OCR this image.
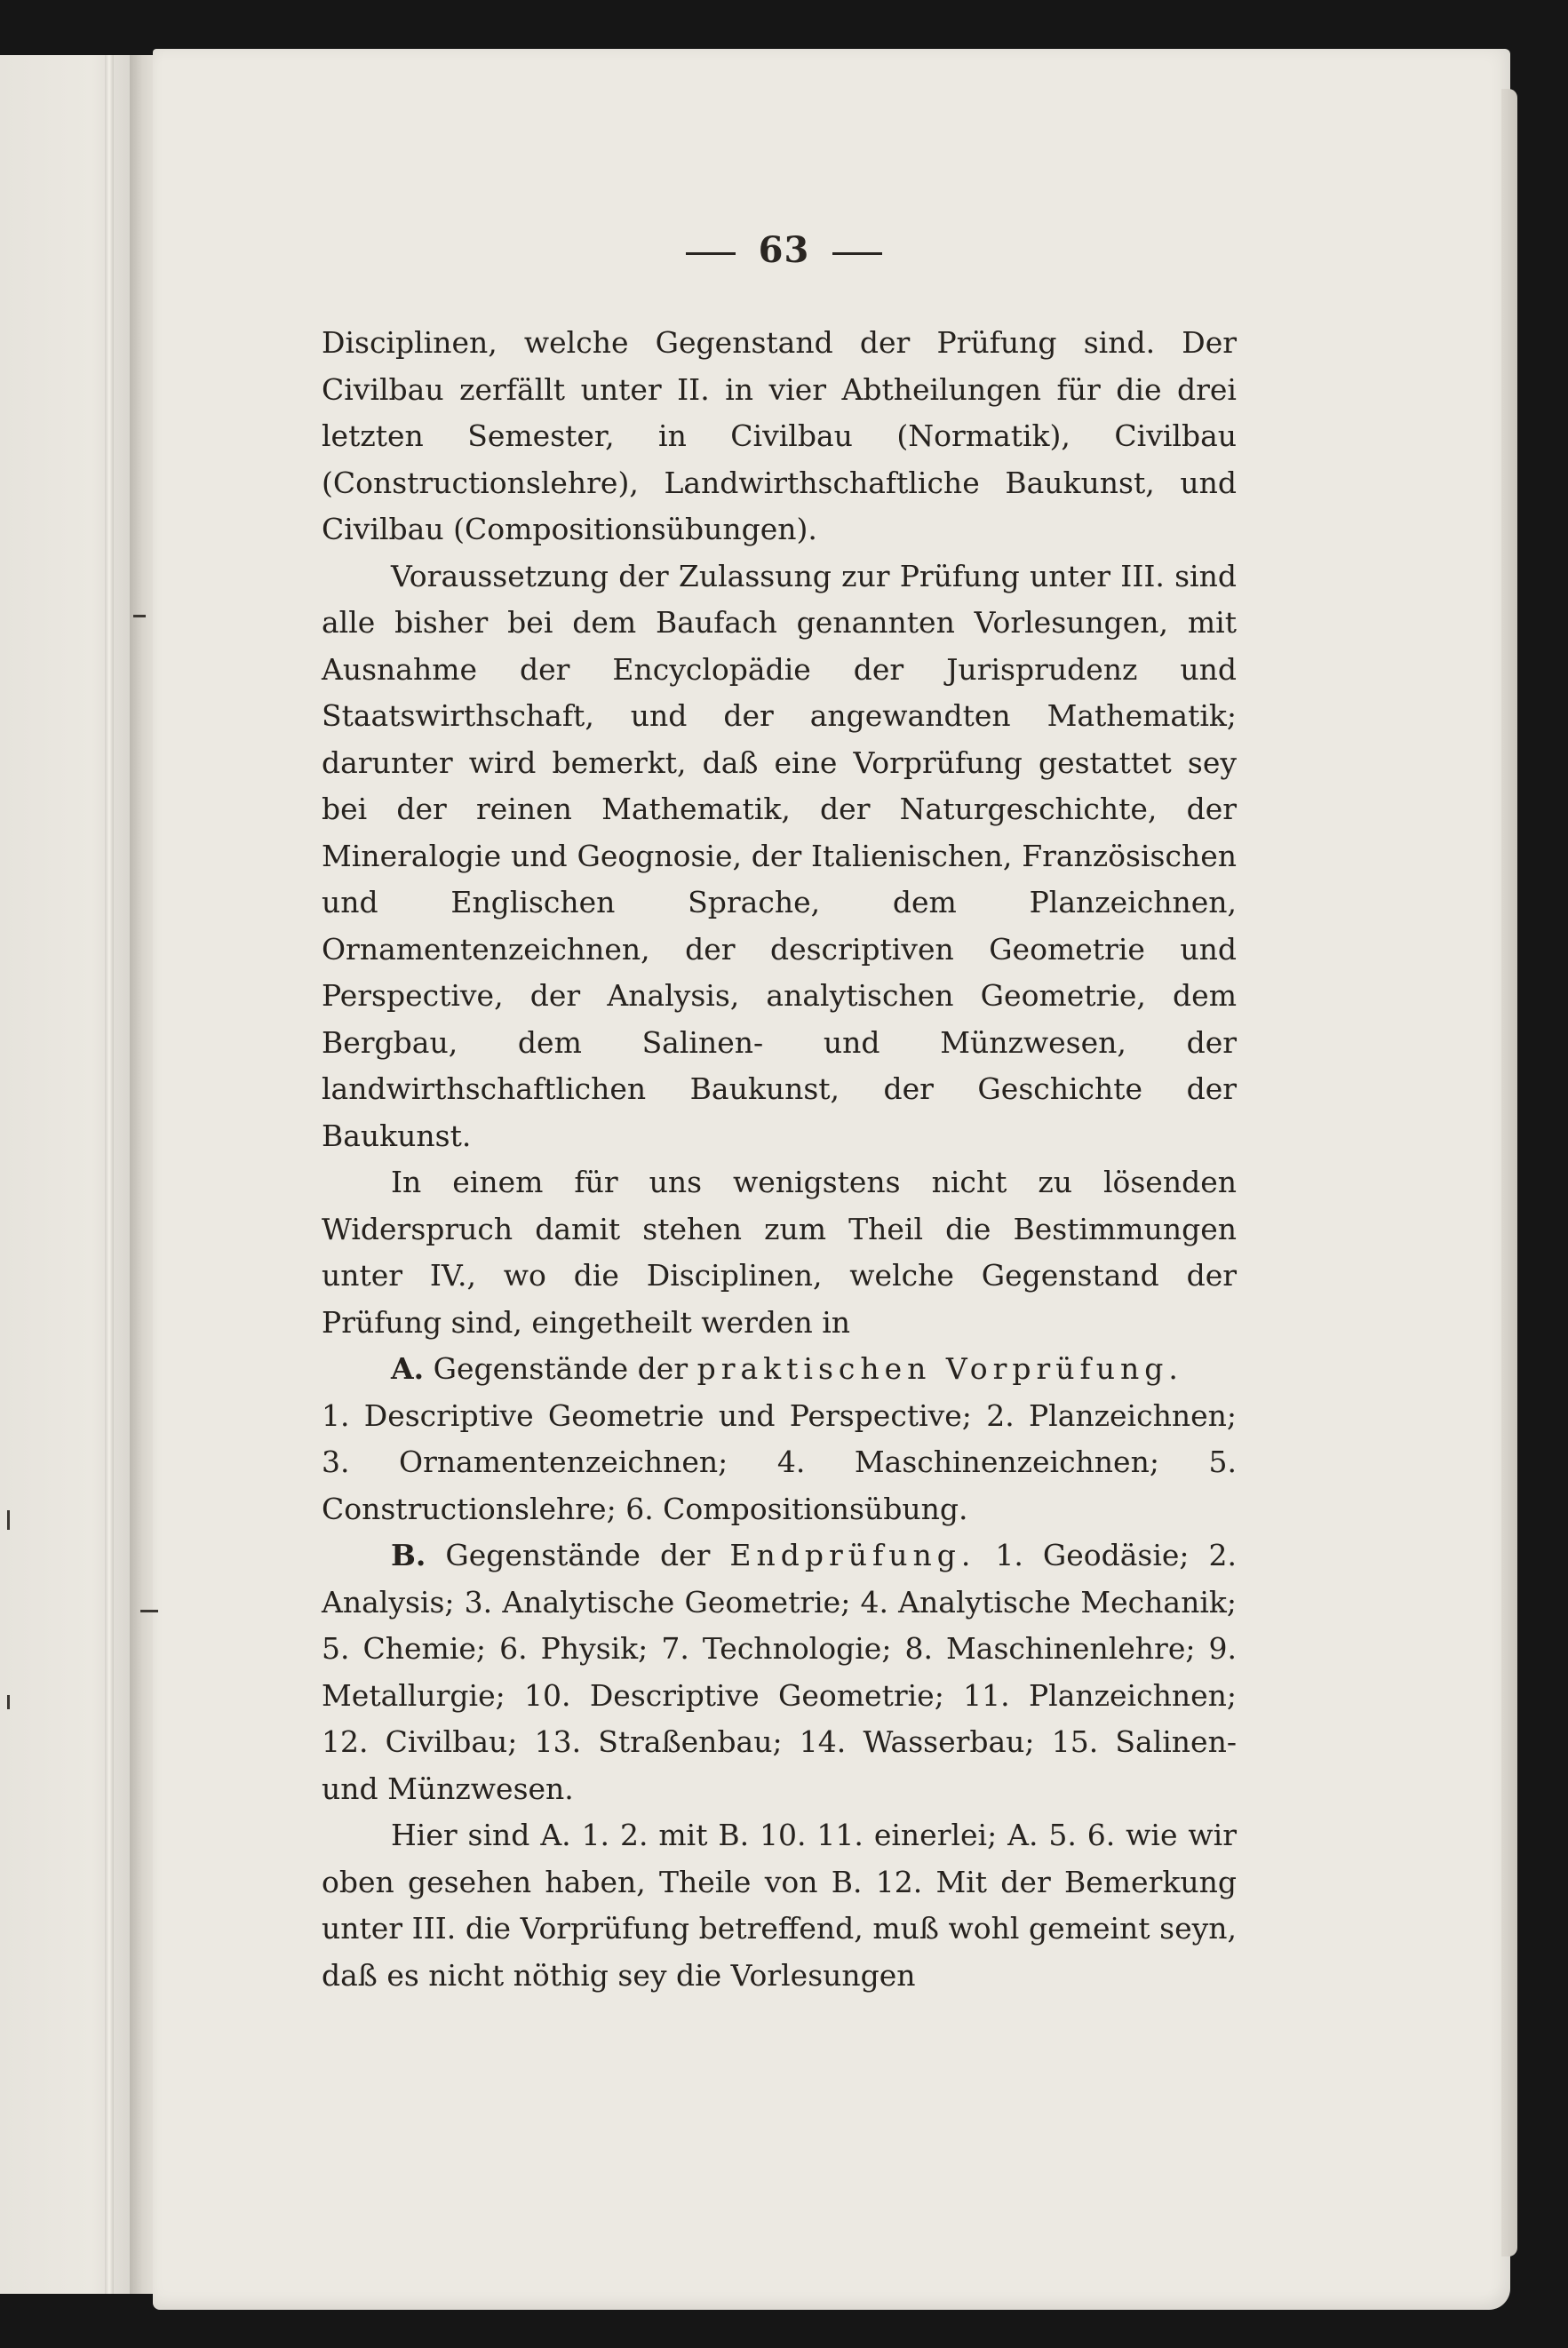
63

Disciplinen, welche Gegenstand der Prüfung sind. Der Civilbau zerfällt unter II. in vier Abtheilungen für die drei letzten Semester, in Civilbau (Normatik), Civilbau (Constructionslehre), Landwirthschaftliche Baukunst, und Civilbau (Compositionsübungen).

Voraussetzung der Zulassung zur Prüfung unter III. sind alle bisher bei dem Baufach genannten Vorlesungen, mit Ausnahme der Encyclopädie der Jurisprudenz und Staatswirthschaft, und der angewandten Mathematik; darunter wird bemerkt, daß eine Vorprüfung gestattet sey bei der reinen Mathematik, der Naturgeschichte, der Mineralogie und Geognosie, der Italienischen, Französischen und Englischen Sprache, dem Planzeichnen, Ornamentenzeichnen, der descriptiven Geometrie und Perspective, der Analysis, analytischen Geometrie, dem Bergbau, dem Salinen- und Münzwesen, der landwirthschaftlichen Baukunst, der Geschichte der Baukunst.

In einem für uns wenigstens nicht zu lösenden Widerspruch damit stehen zum Theil die Bestimmungen unter IV., wo die Disciplinen, welche Gegenstand der Prüfung sind, eingetheilt werden in

A. Gegenstände der praktischen Vorprüfung.

1. Descriptive Geometrie und Perspective; 2. Planzeichnen; 3. Ornamentenzeichnen; 4. Maschinenzeichnen; 5. Constructionslehre; 6. Compositionsübung.

B. Gegenstände der Endprüfung. 1. Geodäsie; 2. Analysis; 3. Analytische Geometrie; 4. Analytische Mechanik; 5. Chemie; 6. Physik; 7. Technologie; 8. Maschinenlehre; 9. Metallurgie; 10. Descriptive Geometrie; 11. Planzeichnen; 12. Civilbau; 13. Straßenbau; 14. Wasserbau; 15. Salinen- und Münzwesen.

Hier sind A. 1. 2. mit B. 10. 11. einerlei; A. 5. 6. wie wir oben gesehen haben, Theile von B. 12. Mit der Bemerkung unter III. die Vorprüfung betreffend, muß wohl gemeint seyn, daß es nicht nöthig sey die Vorlesungen
